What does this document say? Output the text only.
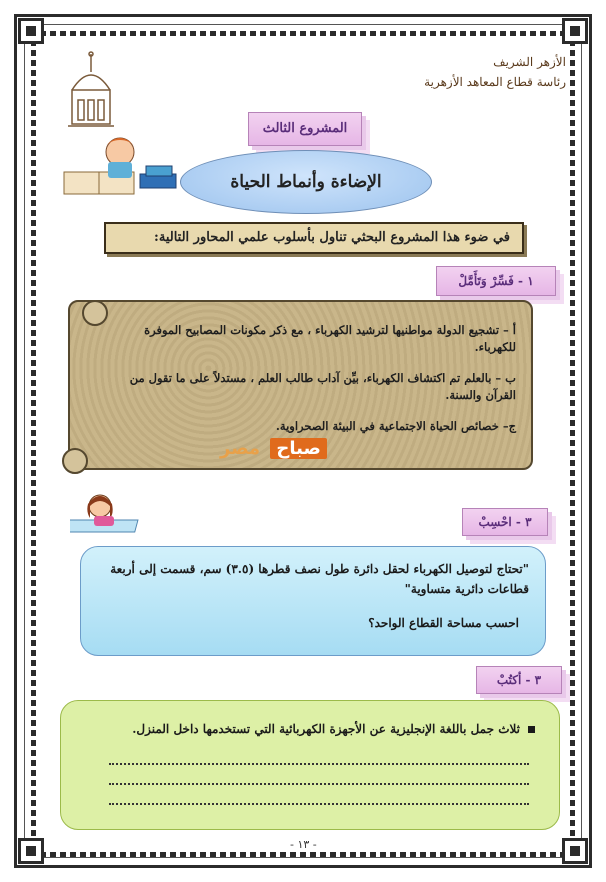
الأزهر الشريف
رئاسة قطاع المعاهد الأزهرية
المشروع الثالث
الإضاءة وأنماط الحياة
في ضوء هذا المشروع البحثي تناول بأسلوب علمي المحاور التالية:
١ - فَسِّرْ وَتَأَمَّلْ

أ – تشجيع الدولة مواطنيها لترشيد الكهرباء ، مع ذكر مكونات المصابيح الموفرة للكهرباء.

ب – بالعلم تم اكتشاف الكهرباء، بيِّن آداب طالب العلم ، مستدلاً على ما تقول من القرآن والسنة.

ج– خصائص الحياة الاجتماعية في البيئة الصحراوية.

صباح مصر
٣ - احْسِبْ

"تحتاج لتوصيل الكهرباء لحقل دائرة طول نصف قطرها (٣.٥) سم، قسمت إلى أربعة قطاعات دائرية متساوية"

احسب مساحة القطاع الواحد؟

٣ - أكتُبْ
ثلاث جمل باللغة الإنجليزية عن الأجهزة الكهربائية التي تستخدمها داخل المنزل.
- ١٣ -
